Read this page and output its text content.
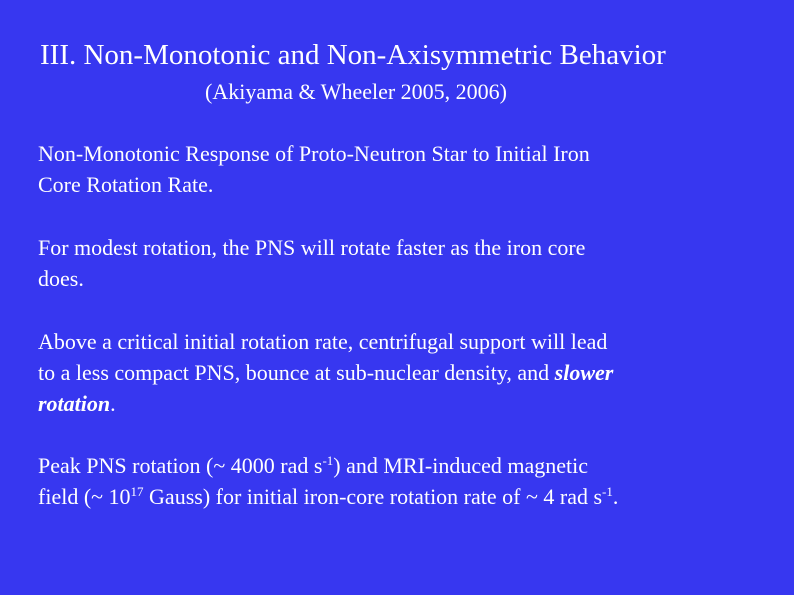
III. Non-Monotonic and Non-Axisymmetric Behavior
(Akiyama & Wheeler 2005, 2006)
Non-Monotonic Response of Proto-Neutron Star to Initial Iron
Core Rotation Rate.
For modest rotation, the PNS will rotate faster as the iron core
does.
Above a critical initial rotation rate, centrifugal support will lead
to a less compact PNS, bounce at sub-nuclear density, and slower
rotation.
Peak PNS rotation (~ 4000 rad $s^{-1}$) and MRI-induced magnetic
field (~ $10^{17}$ Gauss) for initial iron-core rotation rate of ~ 4 rad $s^{-1}$.
